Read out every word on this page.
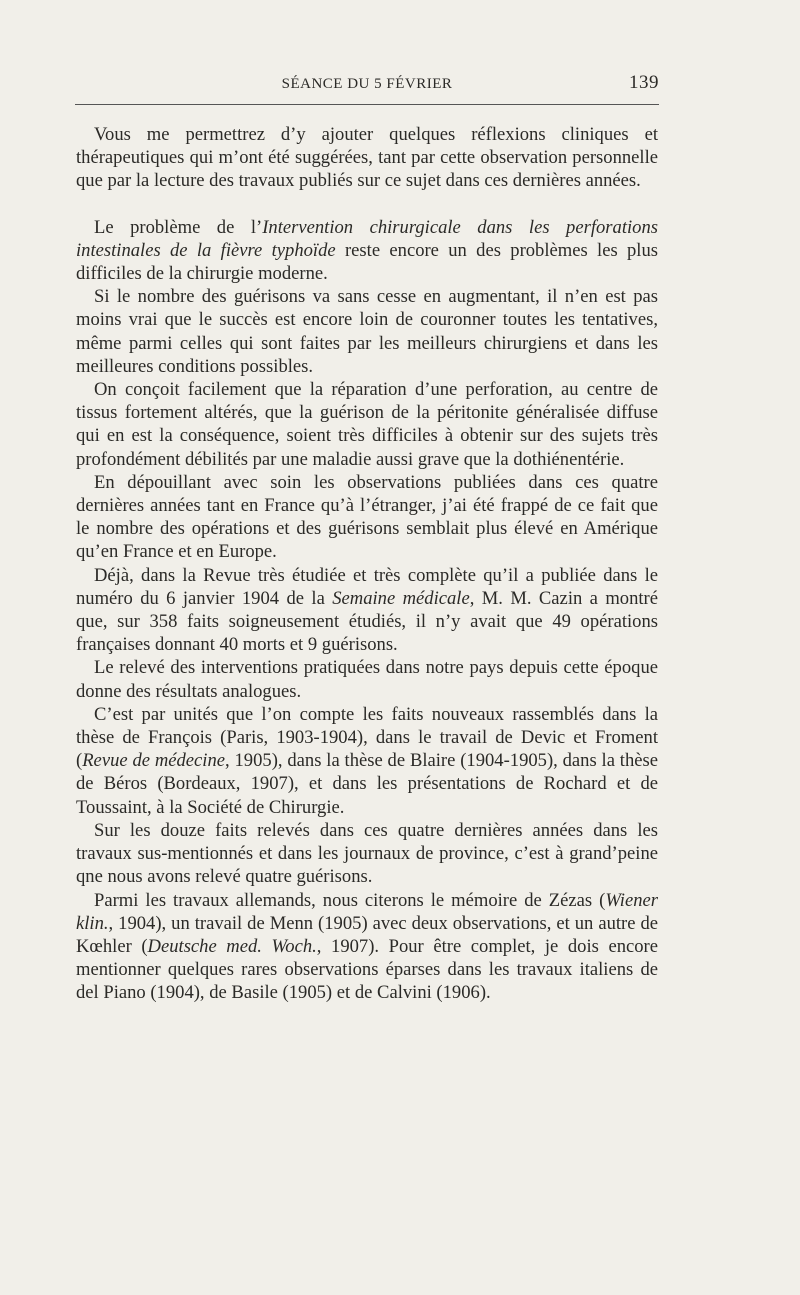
SÉANCE DU 5 FÉVRIER	139

Vous me permettrez d’y ajouter quelques réflexions cliniques et thérapeutiques qui m’ont été suggérées, tant par cette observation personnelle que par la lecture des travaux publiés sur ce sujet dans ces dernières années.

Le problème de l’Intervention chirurgicale dans les perforations intestinales de la fièvre typhoïde reste encore un des problèmes les plus difficiles de la chirurgie moderne.

Si le nombre des guérisons va sans cesse en augmentant, il n’en est pas moins vrai que le succès est encore loin de couronner toutes les tentatives, même parmi celles qui sont faites par les meilleurs chirurgiens et dans les meilleures conditions possibles.

On conçoit facilement que la réparation d’une perforation, au centre de tissus fortement altérés, que la guérison de la péritonite généralisée diffuse qui en est la conséquence, soient très difficiles à obtenir sur des sujets très profondément débilités par une maladie aussi grave que la dothiénentérie.

En dépouillant avec soin les observations publiées dans ces quatre dernières années tant en France qu’à l’étranger, j’ai été frappé de ce fait que le nombre des opérations et des guérisons semblait plus élevé en Amérique qu’en France et en Europe.

Déjà, dans la Revue très étudiée et très complète qu’il a publiée dans le numéro du 6 janvier 1904 de la Semaine médicale, M. M. Cazin a montré que, sur 358 faits soigneusement étudiés, il n’y avait que 49 opérations françaises donnant 40 morts et 9 guérisons.

Le relevé des interventions pratiquées dans notre pays depuis cette époque donne des résultats analogues.

C’est par unités que l’on compte les faits nouveaux rassemblés dans la thèse de François (Paris, 1903-1904), dans le travail de Devic et Froment (Revue de médecine, 1905), dans la thèse de Blaire (1904-1905), dans la thèse de Béros (Bordeaux, 1907), et dans les présentations de Rochard et de Toussaint, à la Société de Chirurgie.

Sur les douze faits relevés dans ces quatre dernières années dans les travaux sus-mentionnés et dans les journaux de province, c’est à grand’peine qne nous avons relevé quatre guérisons.

Parmi les travaux allemands, nous citerons le mémoire de Zézas (Wiener klin., 1904), un travail de Menn (1905) avec deux observations, et un autre de Kœhler (Deutsche med. Woch., 1907). Pour être complet, je dois encore mentionner quelques rares observations éparses dans les travaux italiens de del Piano (1904), de Basile (1905) et de Calvini (1906).
